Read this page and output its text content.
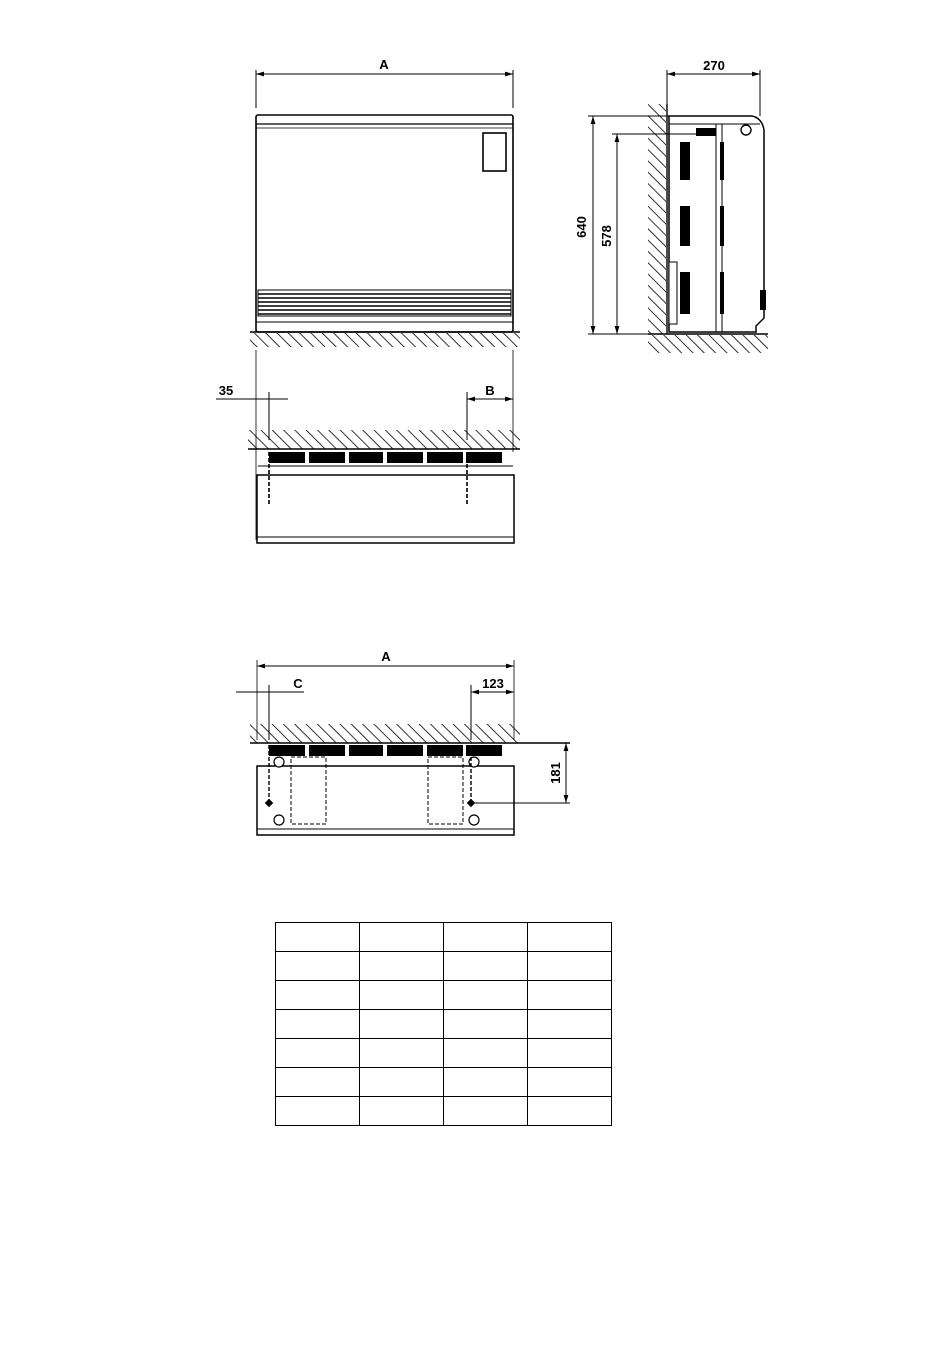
A	270
640 578
35	B
A
C	123
181
